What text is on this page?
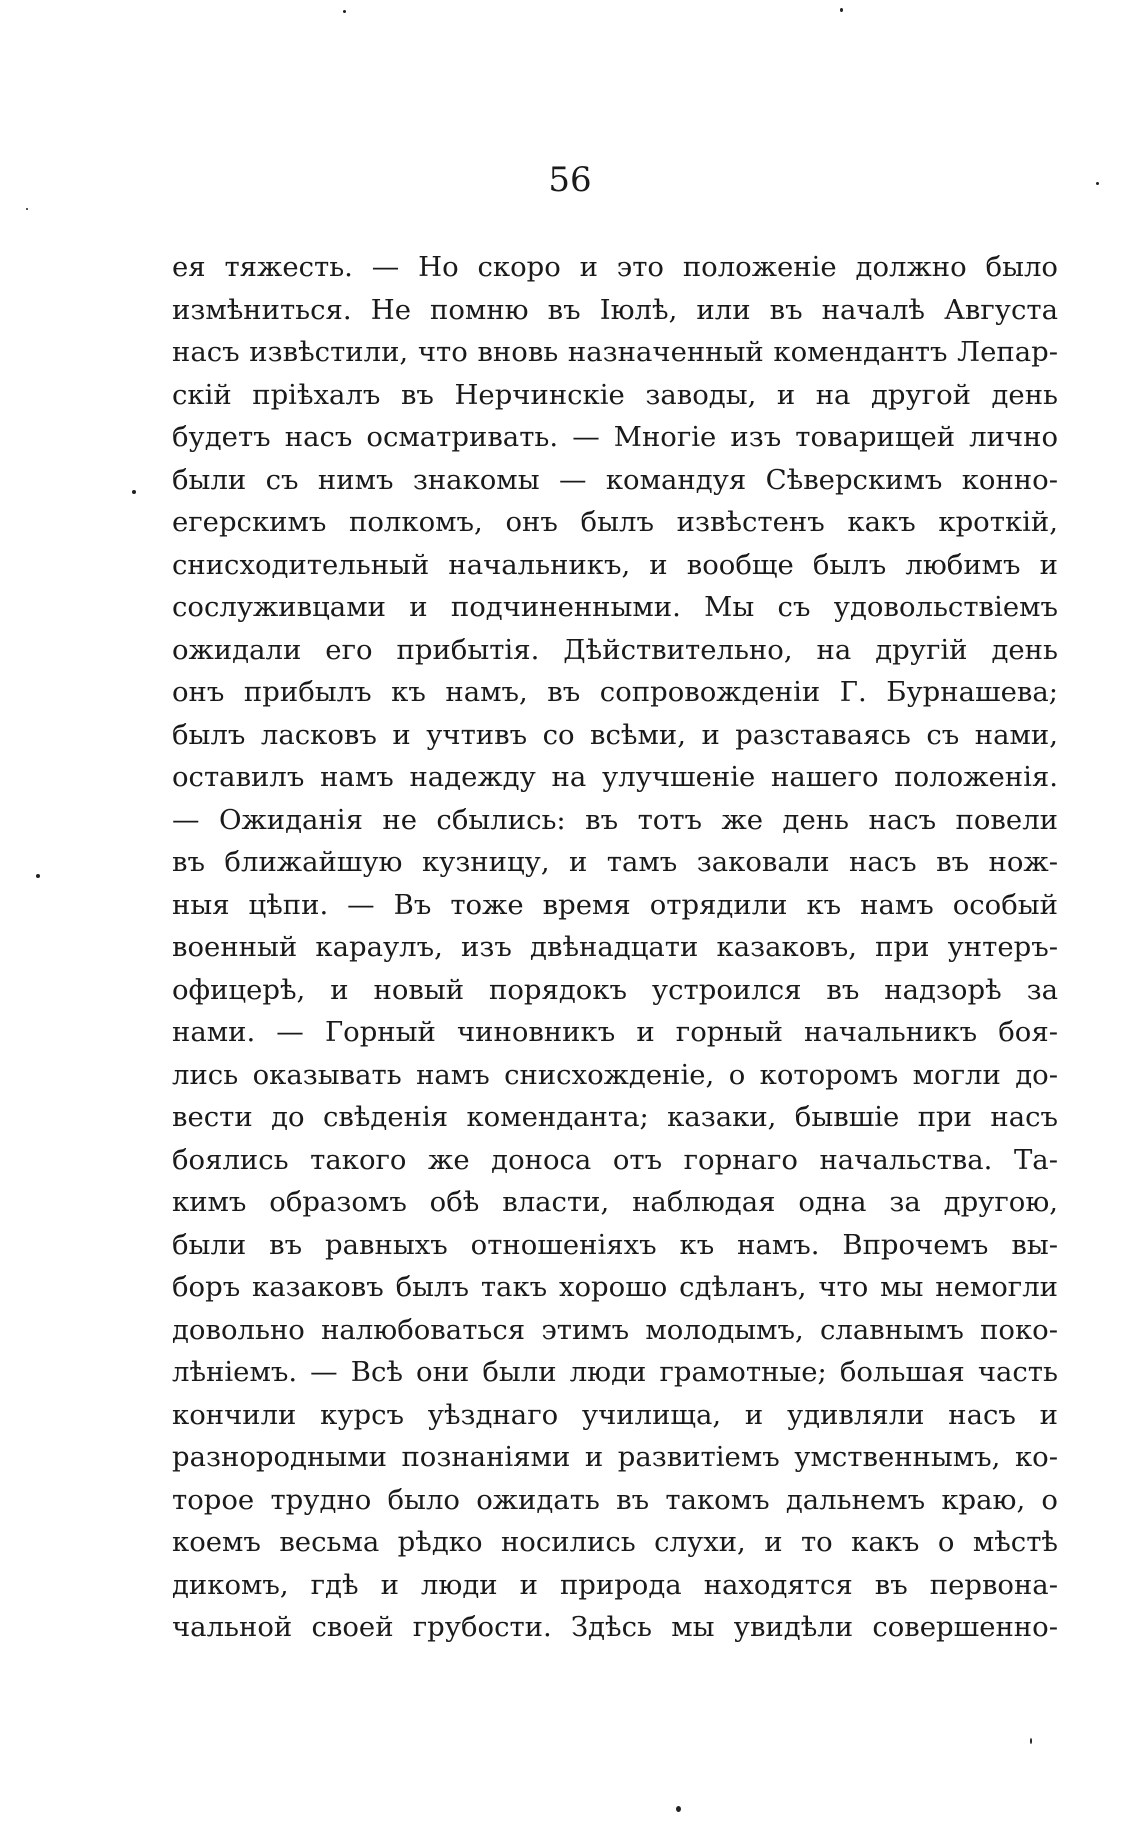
56
ея тяжесть. — Но скоро и это положенiе должно было
измѣниться. Не помню въ Iюлѣ, или въ началѣ Августа
насъ извѣстили, что вновь назначенный комендантъ Лепар-
скiй прiѣхалъ въ Нерчинскiе заводы, и на другой день
будетъ насъ осматривать. — Многiе изъ товарищей лично
были съ нимъ знакомы — командуя Сѣверскимъ конно-
егерскимъ полкомъ, онъ былъ извѣстенъ какъ кроткiй,
снисходительный начальникъ, и вообще былъ любимъ и
сослуживцами и подчиненными. Мы съ удовольствiемъ
ожидали его прибытiя. Дѣйствительно, на другiй день
онъ прибылъ къ намъ, въ сопровожденiи Г. Бурнашева;
былъ ласковъ и учтивъ со всѣми, и разставаясь съ нами,
оставилъ намъ надежду на улучшенiе нашего положенiя.
— Ожиданiя не сбылись: въ тотъ же день насъ повели
въ ближайшую кузницу, и тамъ заковали насъ въ нож-
ныя цѣпи. — Въ тоже время отрядили къ намъ особый
военный караулъ, изъ двѣнадцати казаковъ, при унтеръ-
офицерѣ, и новый порядокъ устроился въ надзорѣ за
нами. — Горный чиновникъ и горный начальникъ боя-
лись оказывать намъ снисхожденiе, о которомъ могли до-
вести до свѣденiя коменданта; казаки, бывшiе при насъ
боялись такого же доноса отъ горнаго начальства. Та-
кимъ образомъ обѣ власти, наблюдая одна за другою,
были въ равныхъ отношенiяхъ къ намъ. Впрочемъ вы-
боръ казаковъ былъ такъ хорошо сдѣланъ, что мы немогли
довольно налюбоваться этимъ молодымъ, славнымъ поко-
лѣнiемъ. — Всѣ они были люди грамотные; большая часть
кончили курсъ уѣзднаго училища, и удивляли насъ и
разнородными познанiями и развитiемъ умственнымъ, ко-
торое трудно было ожидать въ такомъ дальнемъ краю, о
коемъ весьма рѣдко носились слухи, и то какъ о мѣстѣ
дикомъ, гдѣ и люди и природа находятся въ первона-
чальной своей грубости. Здѣсь мы увидѣли совершенно-
